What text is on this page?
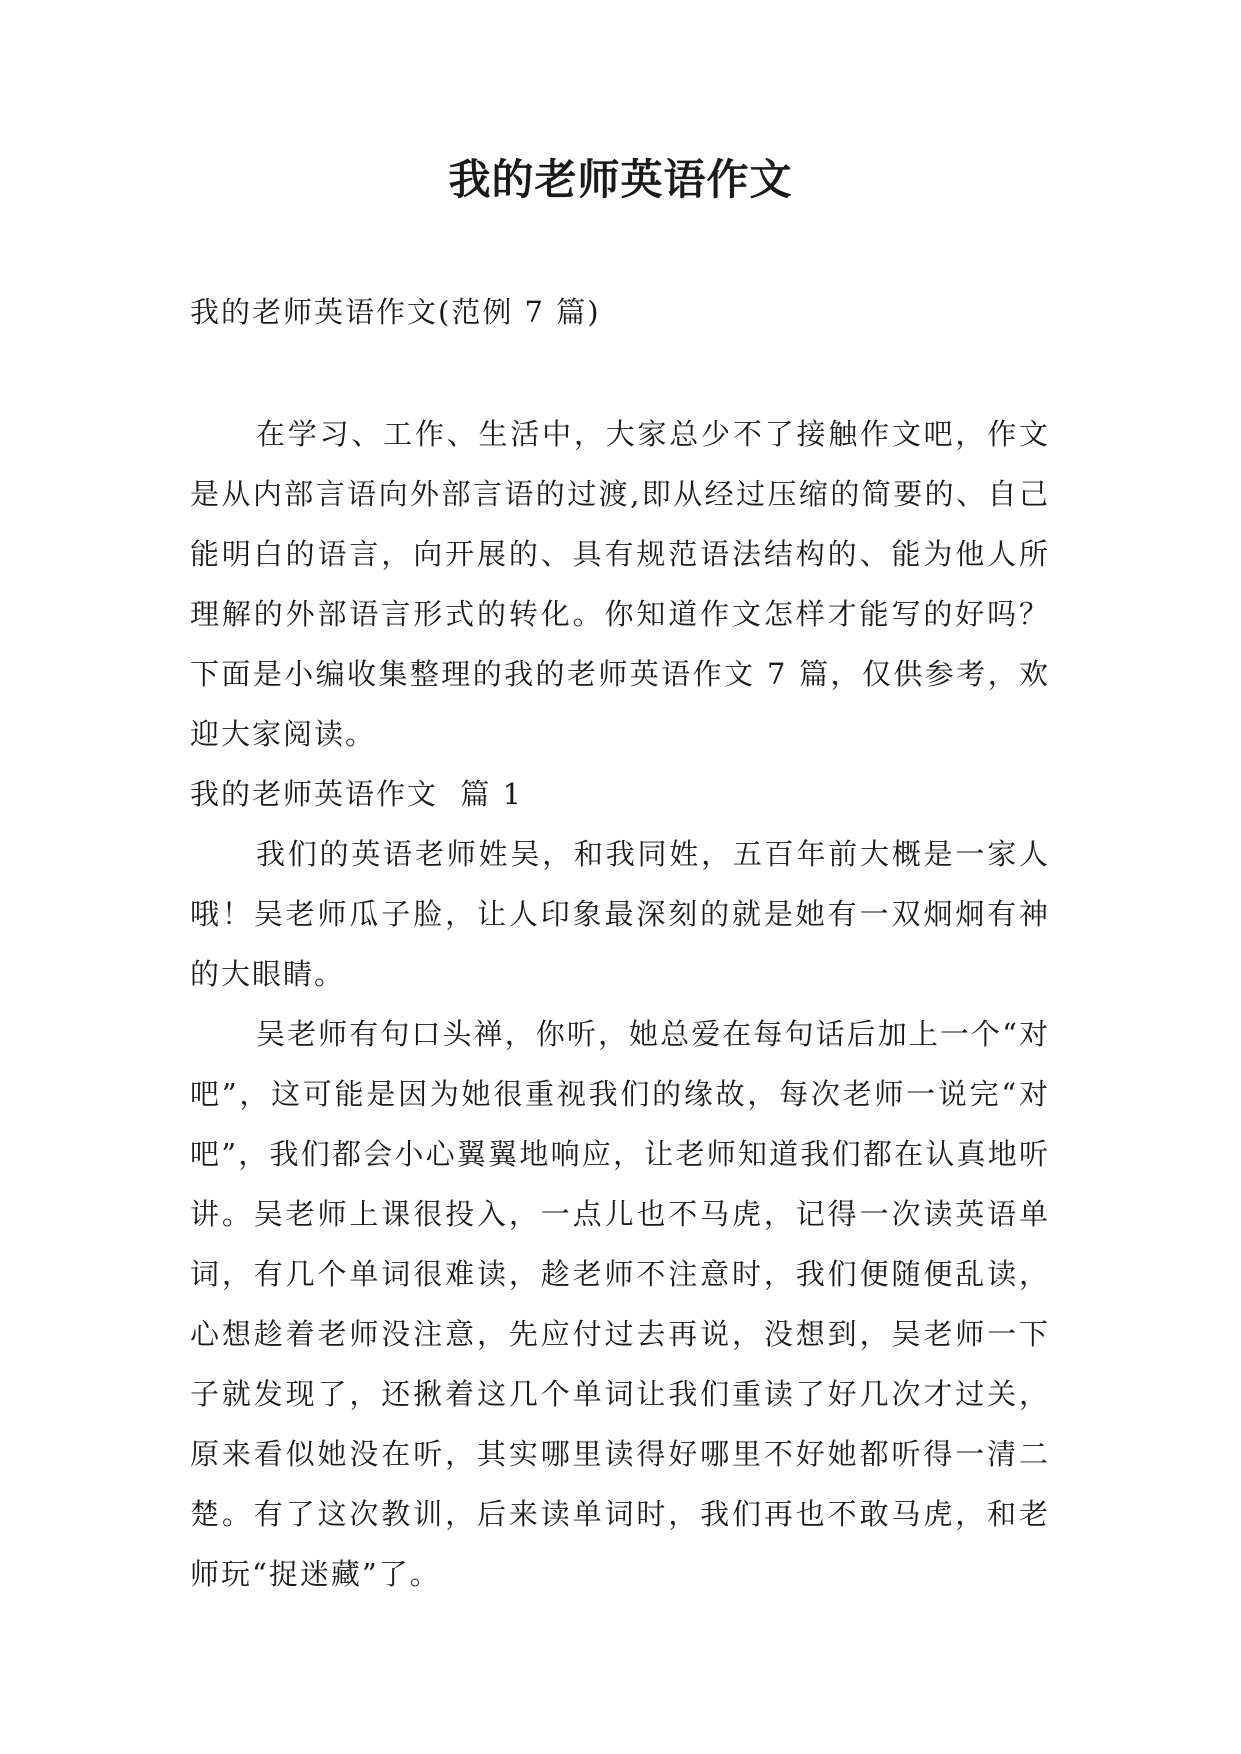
我的老师英语作文
我的老师英语作文(范例 7 篇)

在学习、工作、生活中，大家总少不了接触作文吧，作文是从内部言语向外部言语的过渡,即从经过压缩的简要的、自己能明白的语言，向开展的、具有规范语法结构的、能为他人所理解的外部语言形式的转化。你知道作文怎样才能写的好吗？下面是小编收集整理的我的老师英语作文 7 篇，仅供参考，欢迎大家阅读。

我的老师英语作文  篇 1

我们的英语老师姓吴，和我同姓，五百年前大概是一家人哦！吴老师瓜子脸，让人印象最深刻的就是她有一双炯炯有神的大眼睛。

吴老师有句口头禅，你听，她总爱在每句话后加上一个“对吧”，这可能是因为她很重视我们的缘故，每次老师一说完“对吧”，我们都会小心翼翼地响应，让老师知道我们都在认真地听讲。吴老师上课很投入，一点儿也不马虎，记得一次读英语单词，有几个单词很难读，趁老师不注意时，我们便随便乱读，心想趁着老师没注意，先应付过去再说，没想到，吴老师一下子就发现了，还揪着这几个单词让我们重读了好几次才过关，原来看似她没在听，其实哪里读得好哪里不好她都听得一清二楚。有了这次教训，后来读单词时，我们再也不敢马虎，和老师玩“捉迷藏”了。
